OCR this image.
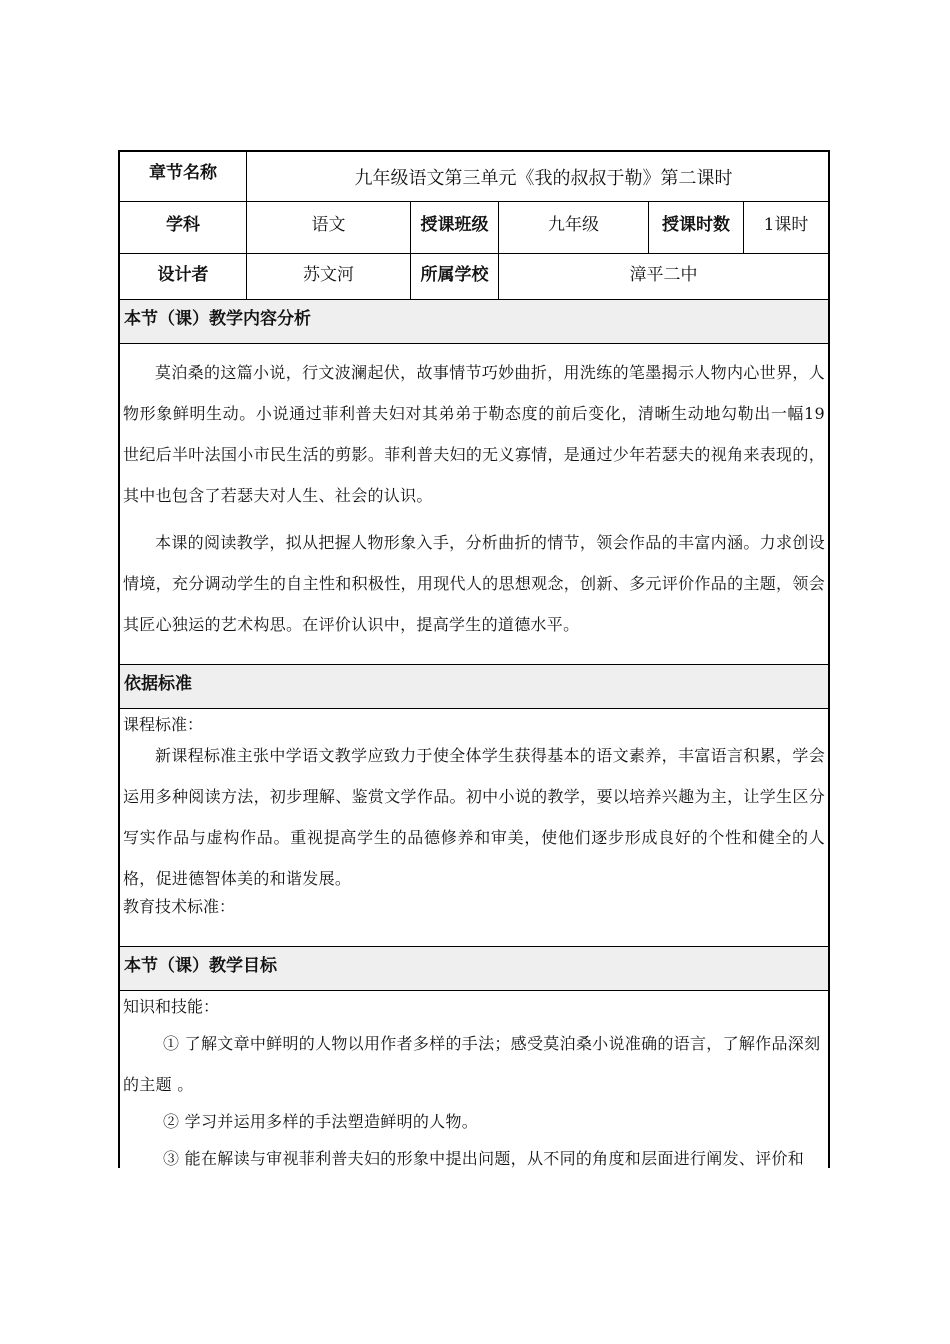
章节名称	九年级语文第三单元《我的叔叔于勒》第二课时
学科	语文	授课班级	九年级	授课时数	1课时
设计者	苏文河	所属学校	漳平二中
本节（课）教学内容分析

莫泊桑的这篇小说，行文波澜起伏，故事情节巧妙曲折，用洗练的笔墨揭示人物内心世界，人物形象鲜明生动。小说通过菲利普夫妇对其弟弟于勒态度的前后变化，清晰生动地勾勒出一幅19世纪后半叶法国小市民生活的剪影。菲利普夫妇的无义寡情，是通过少年若瑟夫的视角来表现的，其中也包含了若瑟夫对人生、社会的认识。

本课的阅读教学，拟从把握人物形象入手，分析曲折的情节，领会作品的丰富内涵。力求创设情境，充分调动学生的自主性和积极性，用现代人的思想观念，创新、多元评价作品的主题，领会其匠心独运的艺术构思。在评价认识中，提高学生的道德水平。

依据标准

课程标准：

新课程标准主张中学语文教学应致力于使全体学生获得基本的语文素养，丰富语言积累，学会运用多种阅读方法，初步理解、鉴赏文学作品。初中小说的教学，要以培养兴趣为主，让学生区分写实作品与虚构作品。重视提高学生的品德修养和审美，使他们逐步形成良好的个性和健全的人格，促进德智体美的和谐发展。

教育技术标准：

本节（课）教学目标

知识和技能：

① 了解文章中鲜明的人物以用作者多样的手法；感受莫泊桑小说准确的语言，了解作品深刻的主题 。

② 学习并运用多样的手法塑造鲜明的人物。

③ 能在解读与审视菲利普夫妇的形象中提出问题，从不同的角度和层面进行阐发、评价和
